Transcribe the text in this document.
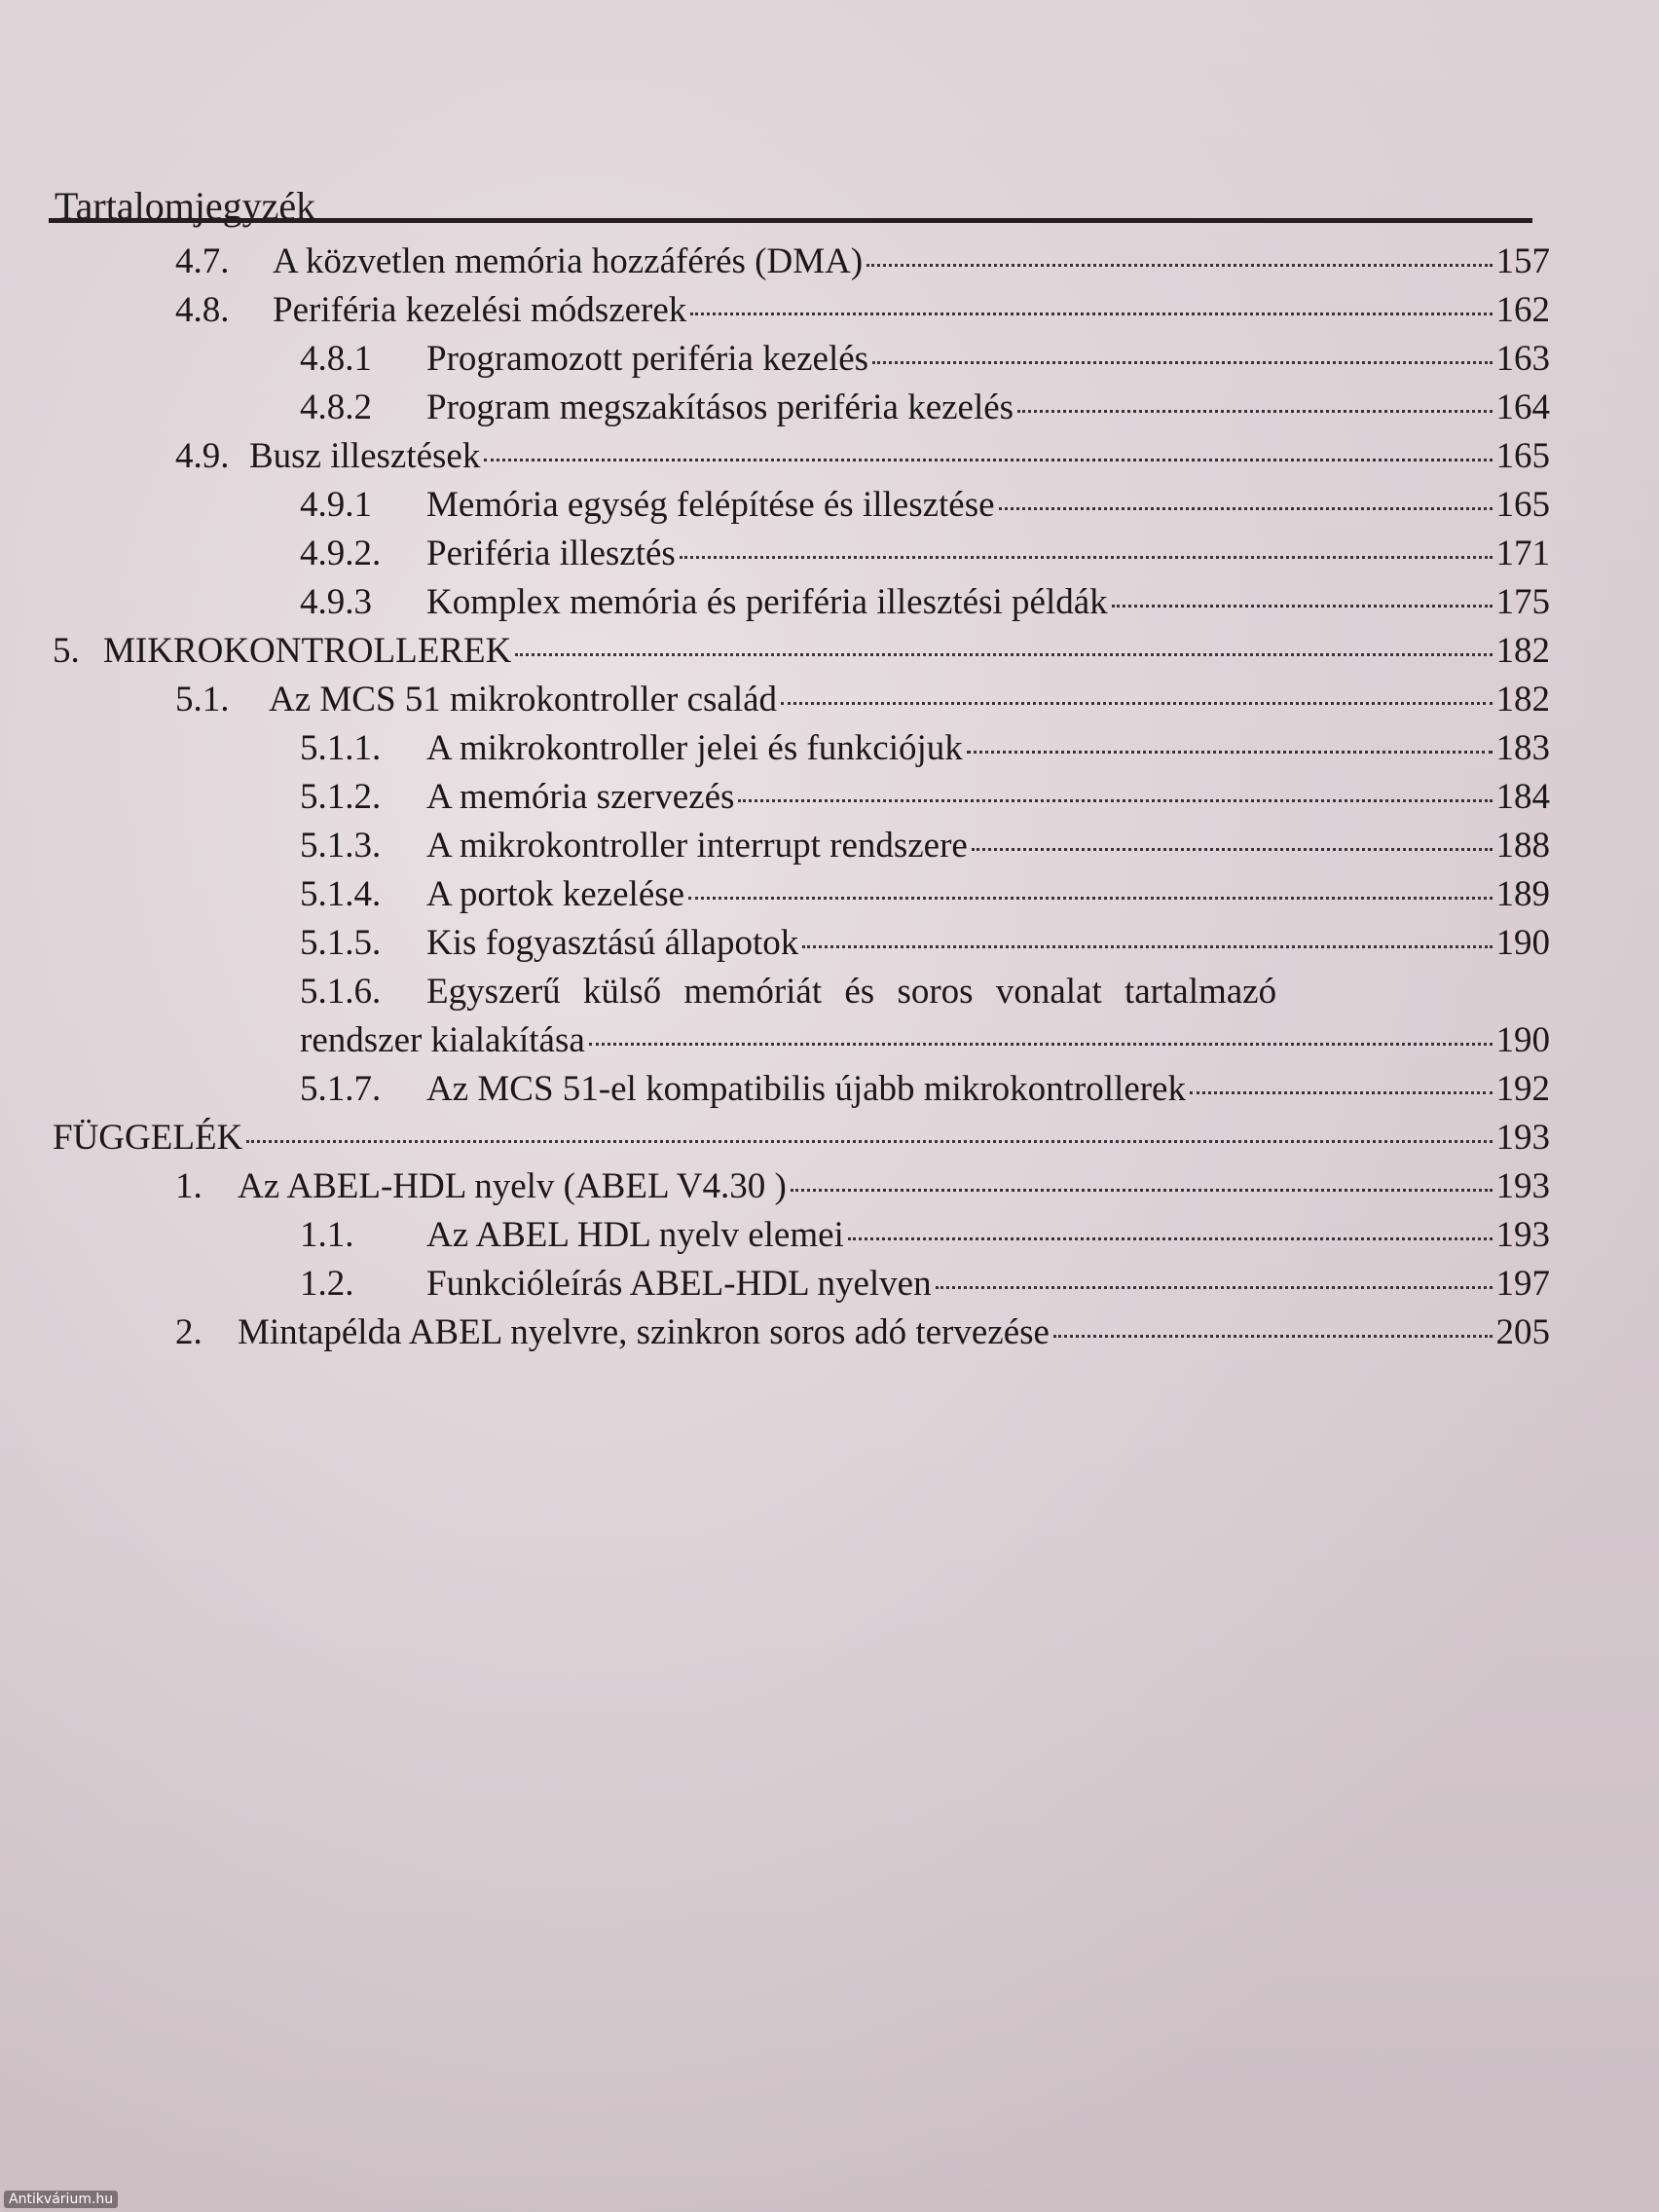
Tartalomjegyzék
4.7.	A közvetlen memória hozzáférés (DMA)	157
4.8.	Periféria kezelési módszerek	162
4.8.1	Programozott periféria kezelés	163
4.8.2	Program megszakításos periféria kezelés	164
4.9. Busz illesztések	165
4.9.1	Memória egység felépítése és illesztése	165
4.9.2.	Periféria illesztés	171
4.9.3	Komplex memória és periféria illesztési példák	175
5. MIKROKONTROLLEREK	182
5.1.	Az MCS 51 mikrokontroller család	182
5.1.1.	A mikrokontroller jelei és funkciójuk	183
5.1.2.	A memória szervezés	184
5.1.3.	A mikrokontroller interrupt rendszere	188
5.1.4.	A portok kezelése	189
5.1.5.	Kis fogyasztású állapotok	190
5.1.6.	Egyszerű külső memóriát és soros vonalat tartalmazó
rendszer kialakítása	190
5.1.7.	Az MCS 51-el kompatibilis újabb mikrokontrollerek	192
FÜGGELÉK	193
1. Az ABEL-HDL nyelv (ABEL V4.30 )	193
1.1.	Az ABEL HDL nyelv elemei	193
1.2.	Funkcióleírás ABEL-HDL nyelven	197
2. Mintapélda ABEL nyelvre, szinkron soros adó tervezése	205
Antikvárium.hu
